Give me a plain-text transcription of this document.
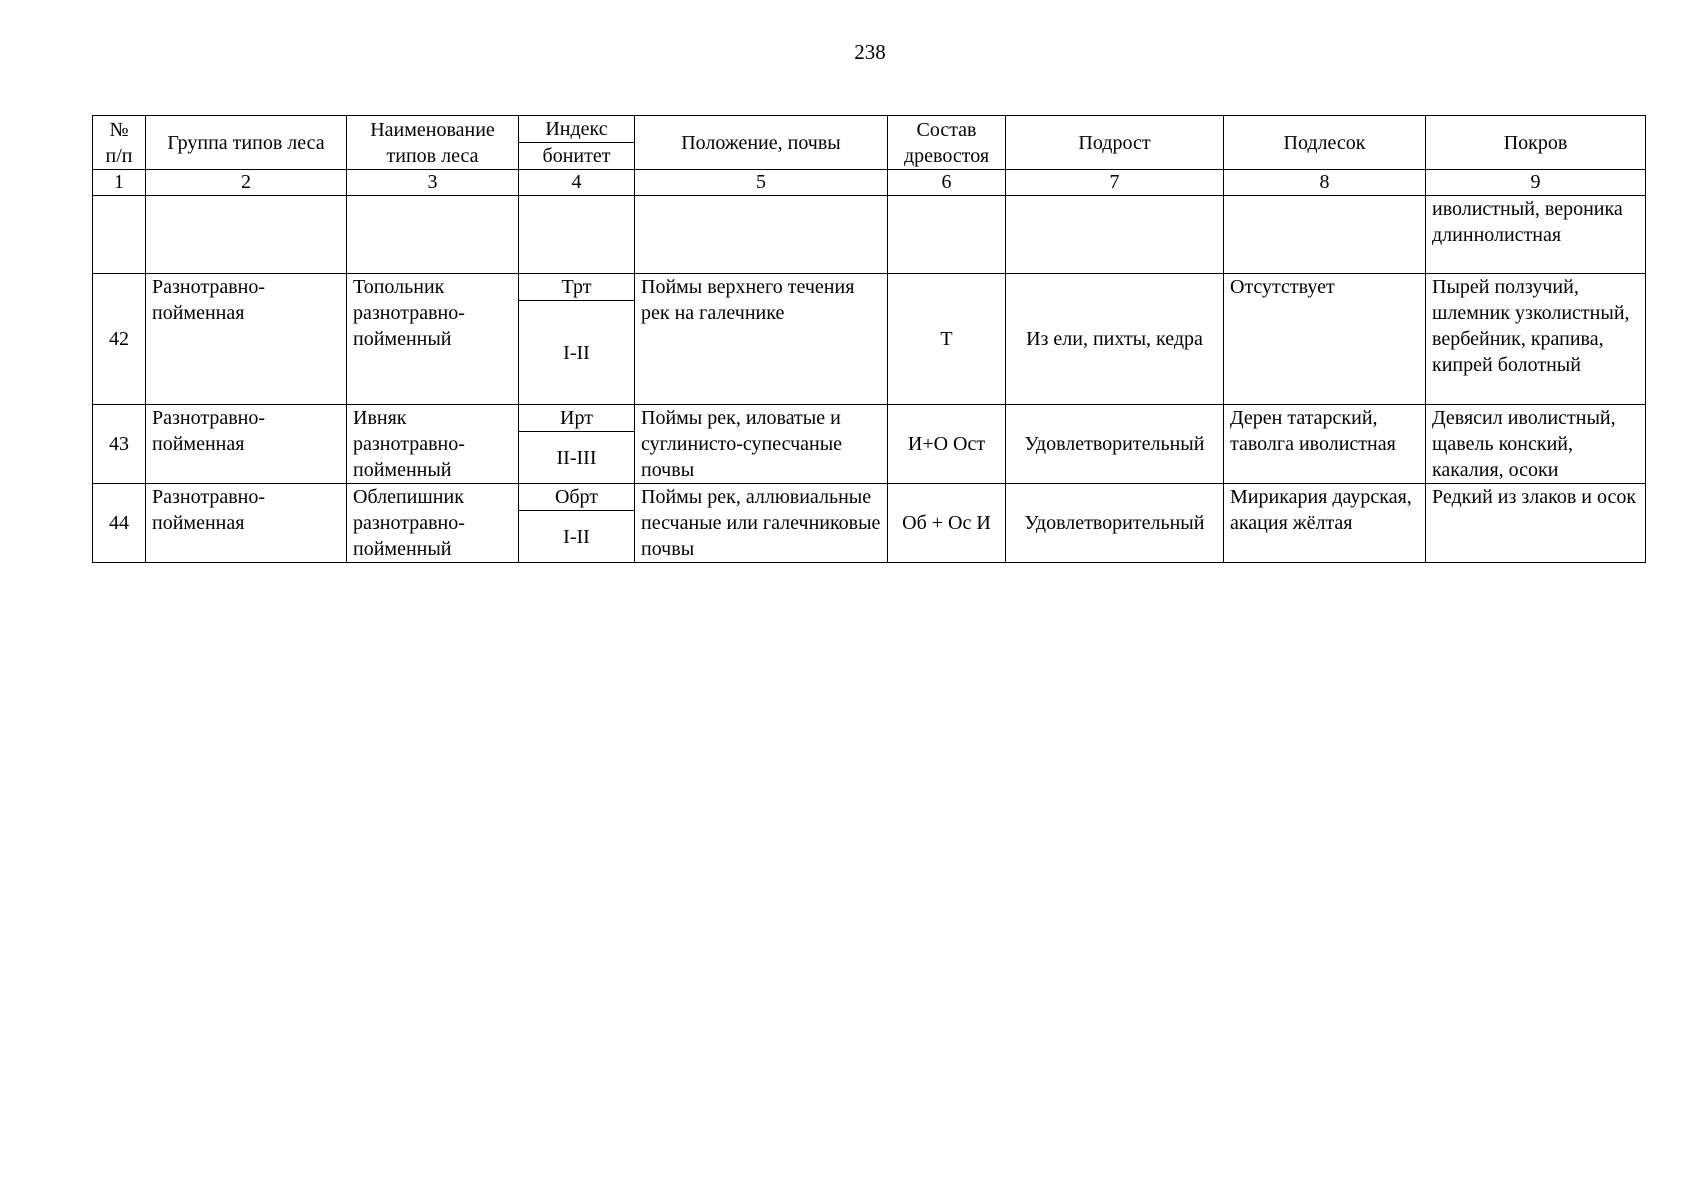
238
№ п/п	Группа типов леса	Наименование типов леса	Индекс	Положение, почвы	Состав древостоя	Подрост	Подлесок	Покров
			бонитет					
1	2	3	4	5	6	7	8	9
								иволистный, вероника длиннолистная
42	Разнотравно-пойменная	Топольник разнотравно-пойменный	Трт	Поймы верхнего течения рек на галечнике	Т	Из ели, пихты, кедра	Отсутствует	Пырей ползучий, шлемник узколистный, вербейник, крапива, кипрей болотный
			I-II					
43	Разнотравно-пойменная	Ивняк разнотравно-пойменный	Ирт	Поймы рек, иловатые и суглинисто-супесчаные почвы	И+О Ост	Удовлетворительный	Дерен татарский, таволга иволистная	Девясил иволистный, щавель конский, какалия, осоки
			II-III					
44	Разнотравно-пойменная	Облепишник разнотравно-пойменный	Обрт	Поймы рек, аллювиальные песчаные или галечниковые почвы	Об + Ос И	Удовлетворительный	Мирикария даурская, акация жёлтая	Редкий из злаков и осок
			I-II					
